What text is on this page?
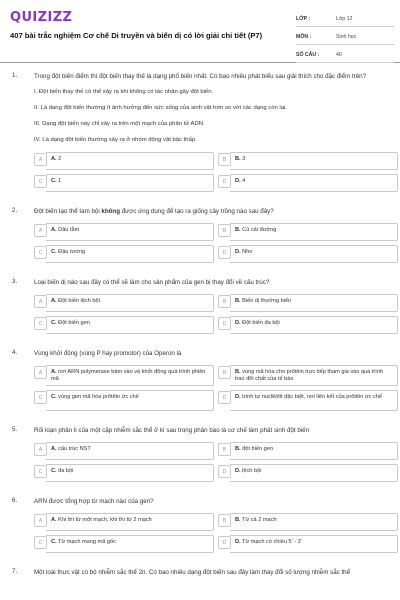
QUIZIZZ
407 bài trắc nghiệm Cơ chế Di truyền và biến dị có lời giải chi tiết (P7)
LỚP :	Lớp 12
MÔN :	Sinh học
SỐ CÂU :	40
1.	Trong đột biến điểm thì đột biến thay thế là dạng phổ biến nhất. Có bao nhiêu phát biểu sau giải thích cho đặc điểm trên?
I. Đột biến thay thế có thể xảy ra khi không có tác nhân gây đột biến.
II. Là dạng đột biến thường ít ảnh hưởng đến sức sống của sinh vật hơn so với các dạng còn lại.
III. Dạng đột biến này chỉ xảy ra trên một mạch của phân tử ADN.
IV. Là dạng đột biến thường xảy ra ở nhóm động vật bậc thấp.
A	A. 2	B	B. 3
C	C. 1	D	D. 4
2.	Đột biến tạo thể tam bội không được ứng dụng để tạo ra giống cây trồng nào sau đây?
A	A. Dâu tằm	B	B. Củ cải đường
C	C. Đậu tương	D	D. Nho
3.	Loại biến dị nào sau đây có thể sẽ làm cho sản phẩm của gen bị thay đổi về cấu trúc?
A	A. Đột biến lệch bội	B	B. Biến dị thường biến
C	C. Đột biến gen	D	D. Đột biến đa bội
4.	Vùng khởi động (vùng P hay promotor) của Operon là
A	A. nơi ARN polymerase bám vào và khởi động quá trình phiên mã
B	B. vùng mã hóa cho prôtêin trực tiếp tham gia vào quá trình trao đổi chất của tế bào
C	C. vùng gen mã hóa prôtêin ức chế	D	D. trình tự nuclêôtit đặc biệt, nơi liên kết của prôtêin ức chế
5.	Rối loạn phân li của một cặp nhiễm sắc thể ở kì sau trong phân bào là cơ chế làm phát sinh đột biến
A	A. cấu trúc NST	B	B. đột biến gen
C	C. đa bội	D	D. lệch bội
6.	ARN được tổng hợp từ mạch nào của gen?
A	A. Khi thì từ một mạch, khi thì từ 2 mạch	B	B. Từ cả 2 mạch
C	C. Từ mạch mang mã gốc	D	D. Từ mạch có chiều 5' - 3'
7.	Một loài thực vật có bộ nhiễm sắc thể 2n. Có bao nhiêu dạng đột biến sau đây làm thay đổi số lượng nhiễm sắc thể
